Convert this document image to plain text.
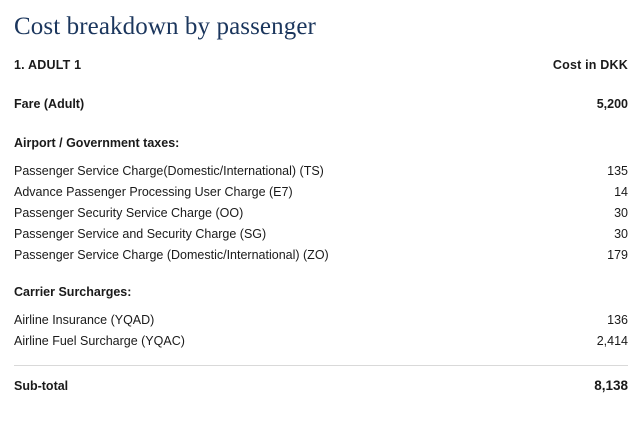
Cost breakdown by passenger
1. ADULT 1	Cost in DKK
Fare (Adult)	5,200
Airport / Government taxes:
Passenger Service Charge(Domestic/International) (TS)	135
Advance Passenger Processing User Charge (E7)	14
Passenger Security Service Charge (OO)	30
Passenger Service and Security Charge (SG)	30
Passenger Service Charge (Domestic/International) (ZO)	179
Carrier Surcharges:
Airline Insurance (YQAD)	136
Airline Fuel Surcharge (YQAC)	2,414
Sub-total	8,138
